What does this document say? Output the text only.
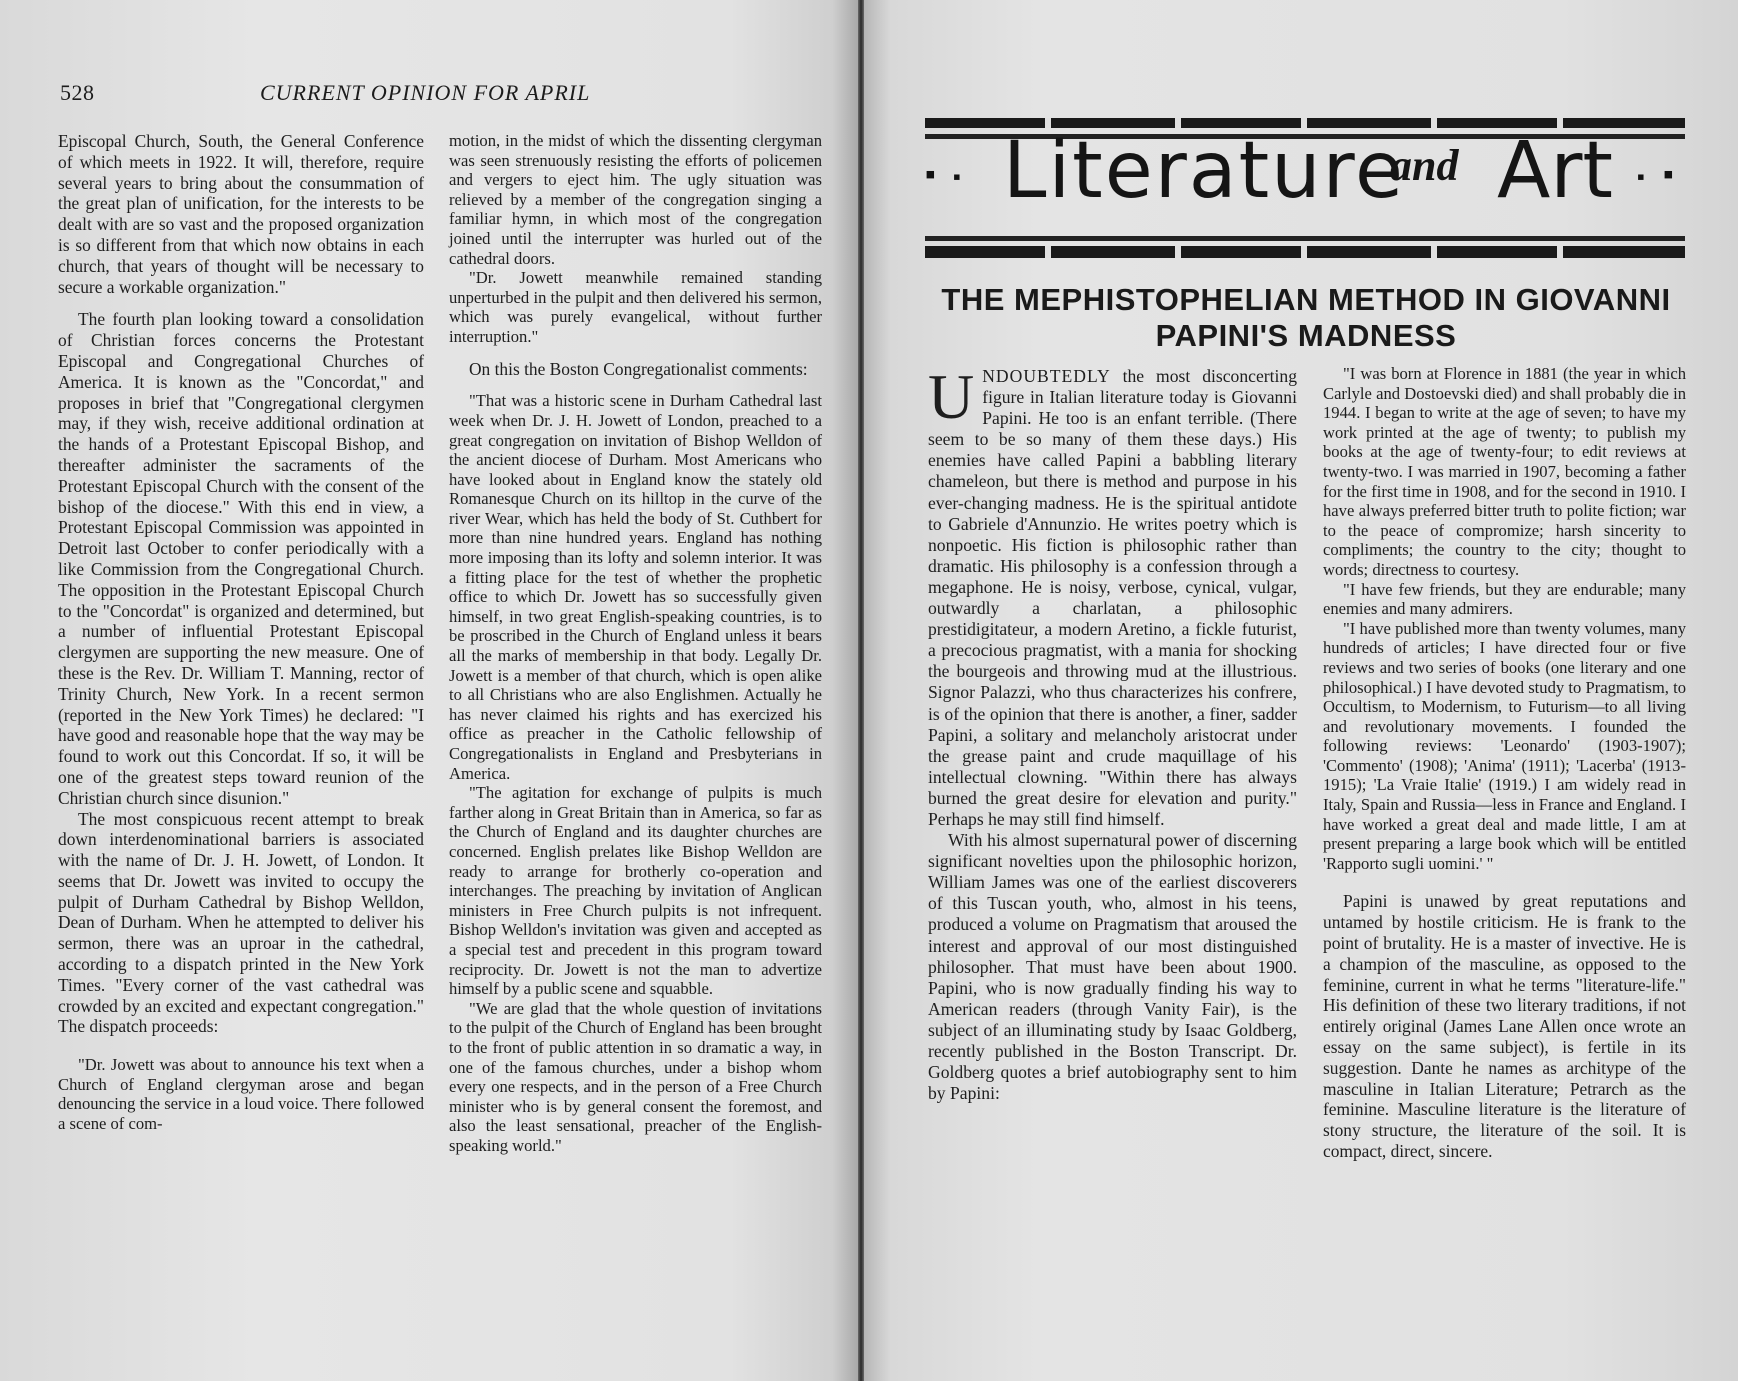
528	CURRENT OPINION FOR APRIL

Episcopal Church, South, the General Conference of which meets in 1922. It will, therefore, require several years to bring about the consummation of the great plan of unification, for the interests to be dealt with are so vast and the proposed organization is so different from that which now obtains in each church, that years of thought will be necessary to secure a workable organization."

The fourth plan looking toward a consolidation of Christian forces concerns the Protestant Episcopal and Congregational Churches of America. It is known as the "Concordat," and proposes in brief that "Congregational clergymen may, if they wish, receive additional ordination at the hands of a Protestant Episcopal Bishop, and thereafter administer the sacraments of the Protestant Episcopal Church with the consent of the bishop of the diocese." With this end in view, a Protestant Episcopal Commission was appointed in Detroit last October to confer periodically with a like Commission from the Congregational Church. The opposition in the Protestant Episcopal Church to the "Concordat" is organized and determined, but a number of influential Protestant Episcopal clergymen are supporting the new measure. One of these is the Rev. Dr. William T. Manning, rector of Trinity Church, New York. In a recent sermon (reported in the New York Times) he declared: "I have good and reasonable hope that the way may be found to work out this Concordat. If so, it will be one of the greatest steps toward reunion of the Christian church since disunion."

The most conspicuous recent attempt to break down interdenominational barriers is associated with the name of Dr. J. H. Jowett, of London. It seems that Dr. Jowett was invited to occupy the pulpit of Durham Cathedral by Bishop Welldon, Dean of Durham. When he attempted to deliver his sermon, there was an uproar in the cathedral, according to a dispatch printed in the New York Times. "Every corner of the vast cathedral was crowded by an excited and expectant congregation." The dispatch proceeds:

"Dr. Jowett was about to announce his text when a Church of England clergyman arose and began denouncing the service in a loud voice. There followed a scene of com-

motion, in the midst of which the dissenting clergyman was seen strenuously resisting the efforts of policemen and vergers to eject him. The ugly situation was relieved by a member of the congregation singing a familiar hymn, in which most of the congregation joined until the interrupter was hurled out of the cathedral doors.

"Dr. Jowett meanwhile remained standing unperturbed in the pulpit and then delivered his sermon, which was purely evangelical, without further interruption."

On this the Boston Congregationalist comments:

"That was a historic scene in Durham Cathedral last week when Dr. J. H. Jowett of London, preached to a great congregation on invitation of Bishop Welldon of the ancient diocese of Durham. Most Americans who have looked about in England know the stately old Romanesque Church on its hilltop in the curve of the river Wear, which has held the body of St. Cuthbert for more than nine hundred years. England has nothing more imposing than its lofty and solemn interior. It was a fitting place for the test of whether the prophetic office to which Dr. Jowett has so successfully given himself, in two great English-speaking countries, is to be proscribed in the Church of England unless it bears all the marks of membership in that body. Legally Dr. Jowett is a member of that church, which is open alike to all Christians who are also Englishmen. Actually he has never claimed his rights and has exercized his office as preacher in the Catholic fellowship of Congregationalists in England and Presbyterians in America.

"The agitation for exchange of pulpits is much farther along in Great Britain than in America, so far as the Church of England and its daughter churches are concerned. English prelates like Bishop Welldon are ready to arrange for brotherly co-operation and interchanges. The preaching by invitation of Anglican ministers in Free Church pulpits is not infrequent. Bishop Welldon's invitation was given and accepted as a special test and precedent in this program toward reciprocity. Dr. Jowett is not the man to advertize himself by a public scene and squabble.

"We are glad that the whole question of invitations to the pulpit of the Church of England has been brought to the front of public attention in so dramatic a way, in one of the famous churches, under a bishop whom every one respects, and in the person of a Free Church minister who is by general consent the foremost, and also the least sensational, preacher of the English-speaking world."

▪ ▪ Literature
and Art ▪ ▪
THE MEPHISTOPHELIAN METHOD IN GIOVANNI PAPINI'S MADNESS

UNDOUBTEDLY the most disconcerting figure in Italian literature today is Giovanni Papini. He too is an enfant terrible. (There seem to be so many of them these days.) His enemies have called Papini a babbling literary chameleon, but there is method and purpose in his ever-changing madness. He is the spiritual antidote to Gabriele d'Annunzio. He writes poetry which is nonpoetic. His fiction is philosophic rather than dramatic. His philosophy is a confession through a megaphone. He is noisy, verbose, cynical, vulgar, outwardly a charlatan, a philosophic prestidigitateur, a modern Aretino, a fickle futurist, a precocious pragmatist, with a mania for shocking the bourgeois and throwing mud at the illustrious. Signor Palazzi, who thus characterizes his confrere, is of the opinion that there is another, a finer, sadder Papini, a solitary and melancholy aristocrat under the grease paint and crude maquillage of his intellectual clowning. "Within there has always burned the great desire for elevation and purity." Perhaps he may still find himself.

With his almost supernatural power of discerning significant novelties upon the philosophic horizon, William James was one of the earliest discoverers of this Tuscan youth, who, almost in his teens, produced a volume on Pragmatism that aroused the interest and approval of our most distinguished philosopher. That must have been about 1900. Papini, who is now gradually finding his way to American readers (through Vanity Fair), is the subject of an illuminating study by Isaac Goldberg, recently published in the Boston Transcript. Dr. Goldberg quotes a brief autobiography sent to him by Papini:

"I was born at Florence in 1881 (the year in which Carlyle and Dostoevski died) and shall probably die in 1944. I began to write at the age of seven; to have my work printed at the age of twenty; to publish my books at the age of twenty-four; to edit reviews at twenty-two. I was married in 1907, becoming a father for the first time in 1908, and for the second in 1910. I have always preferred bitter truth to polite fiction; war to the peace of compromize; harsh sincerity to compliments; the country to the city; thought to words; directness to courtesy.

"I have few friends, but they are endurable; many enemies and many admirers.

"I have published more than twenty volumes, many hundreds of articles; I have directed four or five reviews and two series of books (one literary and one philosophical.) I have devoted study to Pragmatism, to Occultism, to Modernism, to Futurism—to all living and revolutionary movements. I founded the following reviews: 'Leonardo' (1903-1907); 'Commento' (1908); 'Anima' (1911); 'Lacerba' (1913-1915); 'La Vraie Italie' (1919.) I am widely read in Italy, Spain and Russia—less in France and England. I have worked a great deal and made little, I am at present preparing a large book which will be entitled 'Rapporto sugli uomini.' "

Papini is unawed by great reputations and untamed by hostile criticism. He is frank to the point of brutality. He is a master of invective. He is a champion of the masculine, as opposed to the feminine, current in what he terms "literature-life." His definition of these two literary traditions, if not entirely original (James Lane Allen once wrote an essay on the same subject), is fertile in its suggestion. Dante he names as architype of the masculine in Italian Literature; Petrarch as the feminine. Masculine literature is the literature of stony structure, the literature of the soil. It is compact, direct, sincere.
